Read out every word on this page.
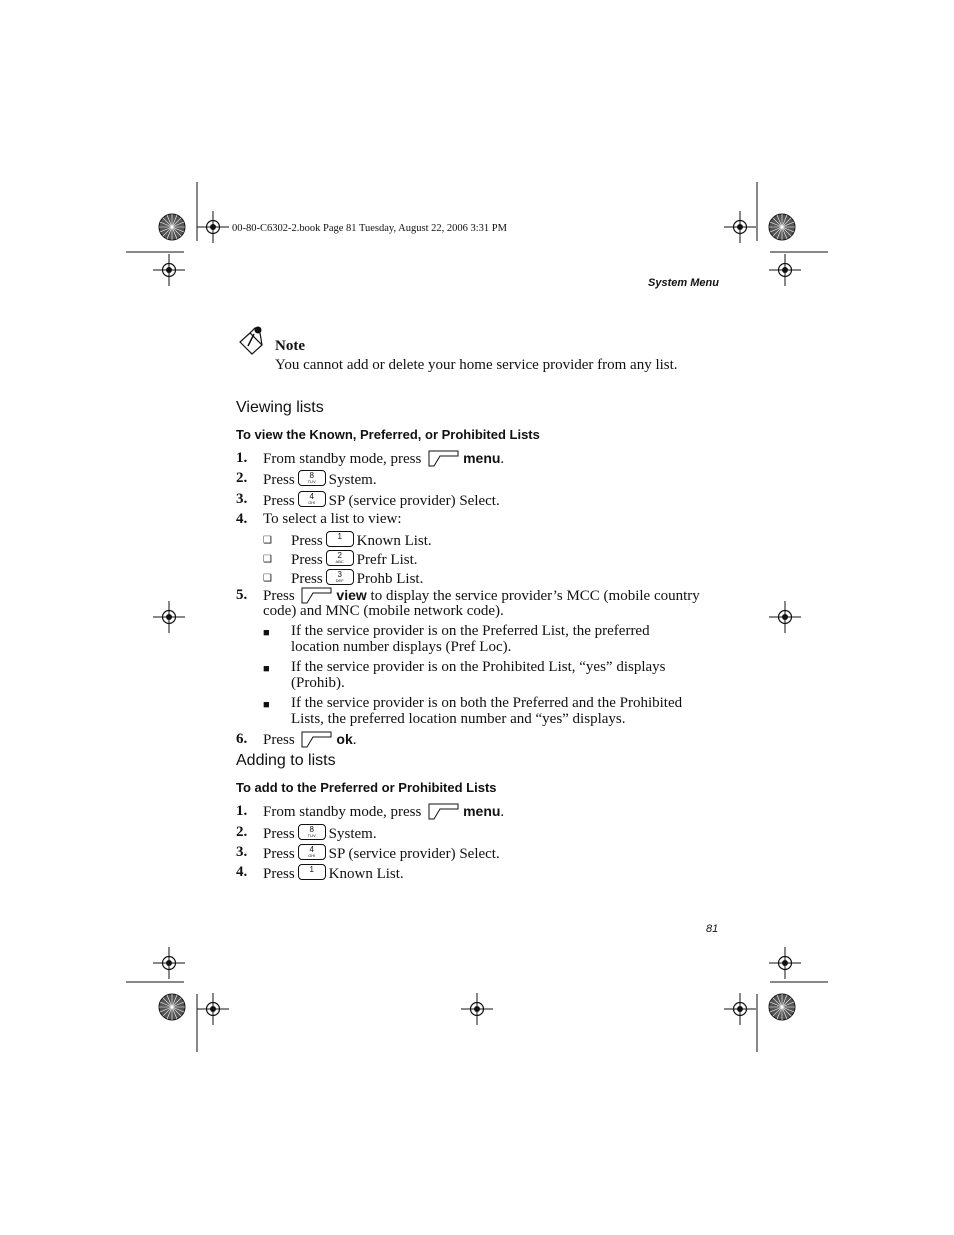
00-80-C6302-2.book Page 81 Tuesday, August 22, 2006 3:31 PM
System Menu
Note
You cannot add or delete your home service provider from any list.
Viewing lists
To view the Known, Preferred, or Prohibited Lists
1. From standby mode, press	menu.
2. Press	8
TUV System.
3. Press	4
GHI SP (service provider) Select.
4. To select a list to view:
❑ Press	1 Known List.
❑ Press	2
ABC Prefr List.
❑ Press	3
DEF Prohb List.
5. Press	view to display the service provider’s MCC (mobile country
code) and MNC (mobile network code).
■ If the service provider is on the Preferred List, the preferred
location number displays (Pref Loc).
■ If the service provider is on the Prohibited List, “yes” displays
(Prohib).
■ If the service provider is on both the Preferred and the Prohibited
Lists, the preferred location number and “yes” displays.
6. Press	ok.
Adding to lists
To add to the Preferred or Prohibited Lists
1. From standby mode, press	menu.
2. Press	8
TUV System.
3. Press	4
GHI SP (service provider) Select.
4. Press	1 Known List.
81
